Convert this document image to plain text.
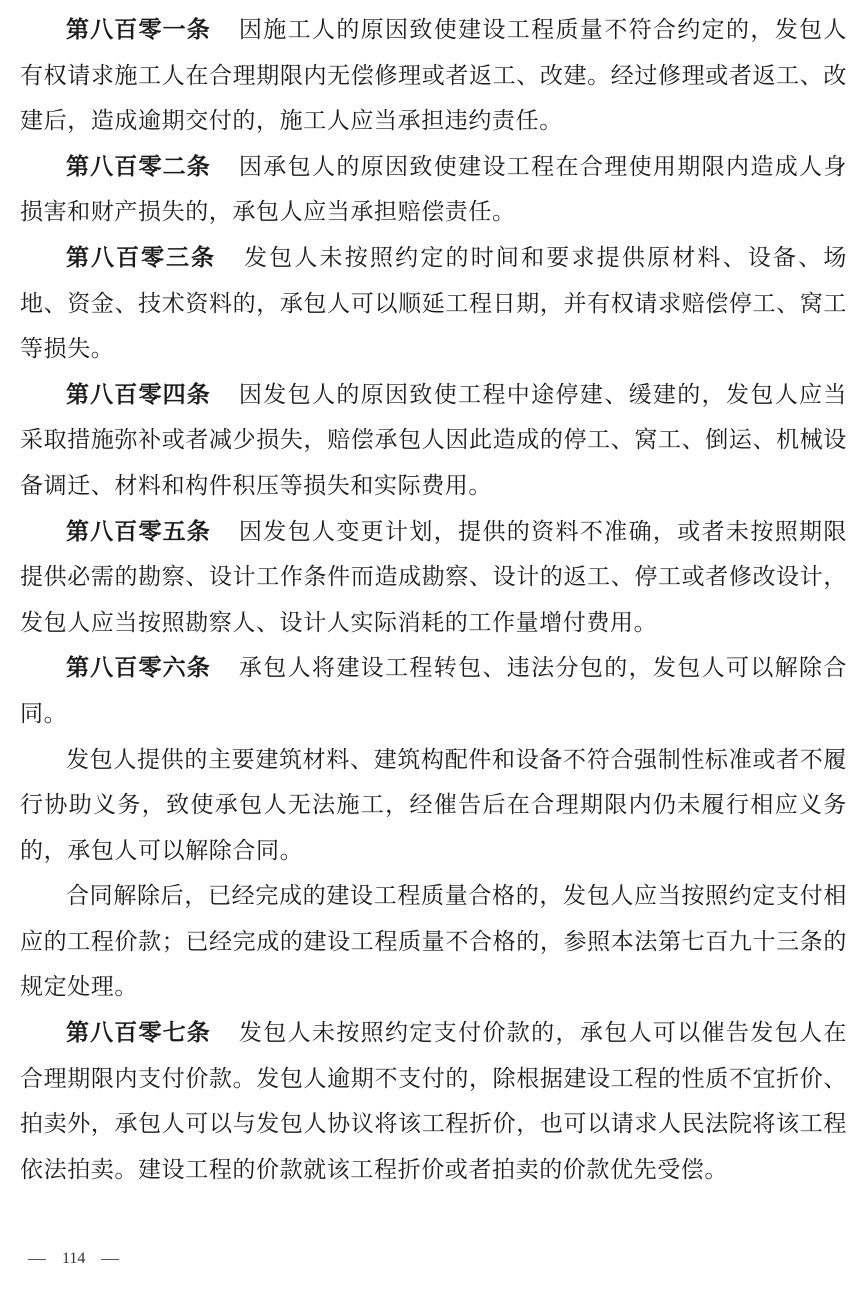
第八百零一条 因施工人的原因致使建设工程质量不符合约定的，发包人有权请求施工人在合理期限内无偿修理或者返工、改建。经过修理或者返工、改建后，造成逾期交付的，施工人应当承担违约责任。

第八百零二条 因承包人的原因致使建设工程在合理使用期限内造成人身损害和财产损失的，承包人应当承担赔偿责任。

第八百零三条 发包人未按照约定的时间和要求提供原材料、设备、场地、资金、技术资料的，承包人可以顺延工程日期，并有权请求赔偿停工、窝工等损失。

第八百零四条 因发包人的原因致使工程中途停建、缓建的，发包人应当采取措施弥补或者减少损失，赔偿承包人因此造成的停工、窝工、倒运、机械设备调迁、材料和构件积压等损失和实际费用。

第八百零五条 因发包人变更计划，提供的资料不准确，或者未按照期限提供必需的勘察、设计工作条件而造成勘察、设计的返工、停工或者修改设计，发包人应当按照勘察人、设计人实际消耗的工作量增付费用。

第八百零六条 承包人将建设工程转包、违法分包的，发包人可以解除合同。

发包人提供的主要建筑材料、建筑构配件和设备不符合强制性标准或者不履行协助义务，致使承包人无法施工，经催告后在合理期限内仍未履行相应义务的，承包人可以解除合同。

合同解除后，已经完成的建设工程质量合格的，发包人应当按照约定支付相应的工程价款；已经完成的建设工程质量不合格的，参照本法第七百九十三条的规定处理。

第八百零七条 发包人未按照约定支付价款的，承包人可以催告发包人在合理期限内支付价款。发包人逾期不支付的，除根据建设工程的性质不宜折价、拍卖外，承包人可以与发包人协议将该工程折价，也可以请求人民法院将该工程依法拍卖。建设工程的价款就该工程折价或者拍卖的价款优先受偿。

114
